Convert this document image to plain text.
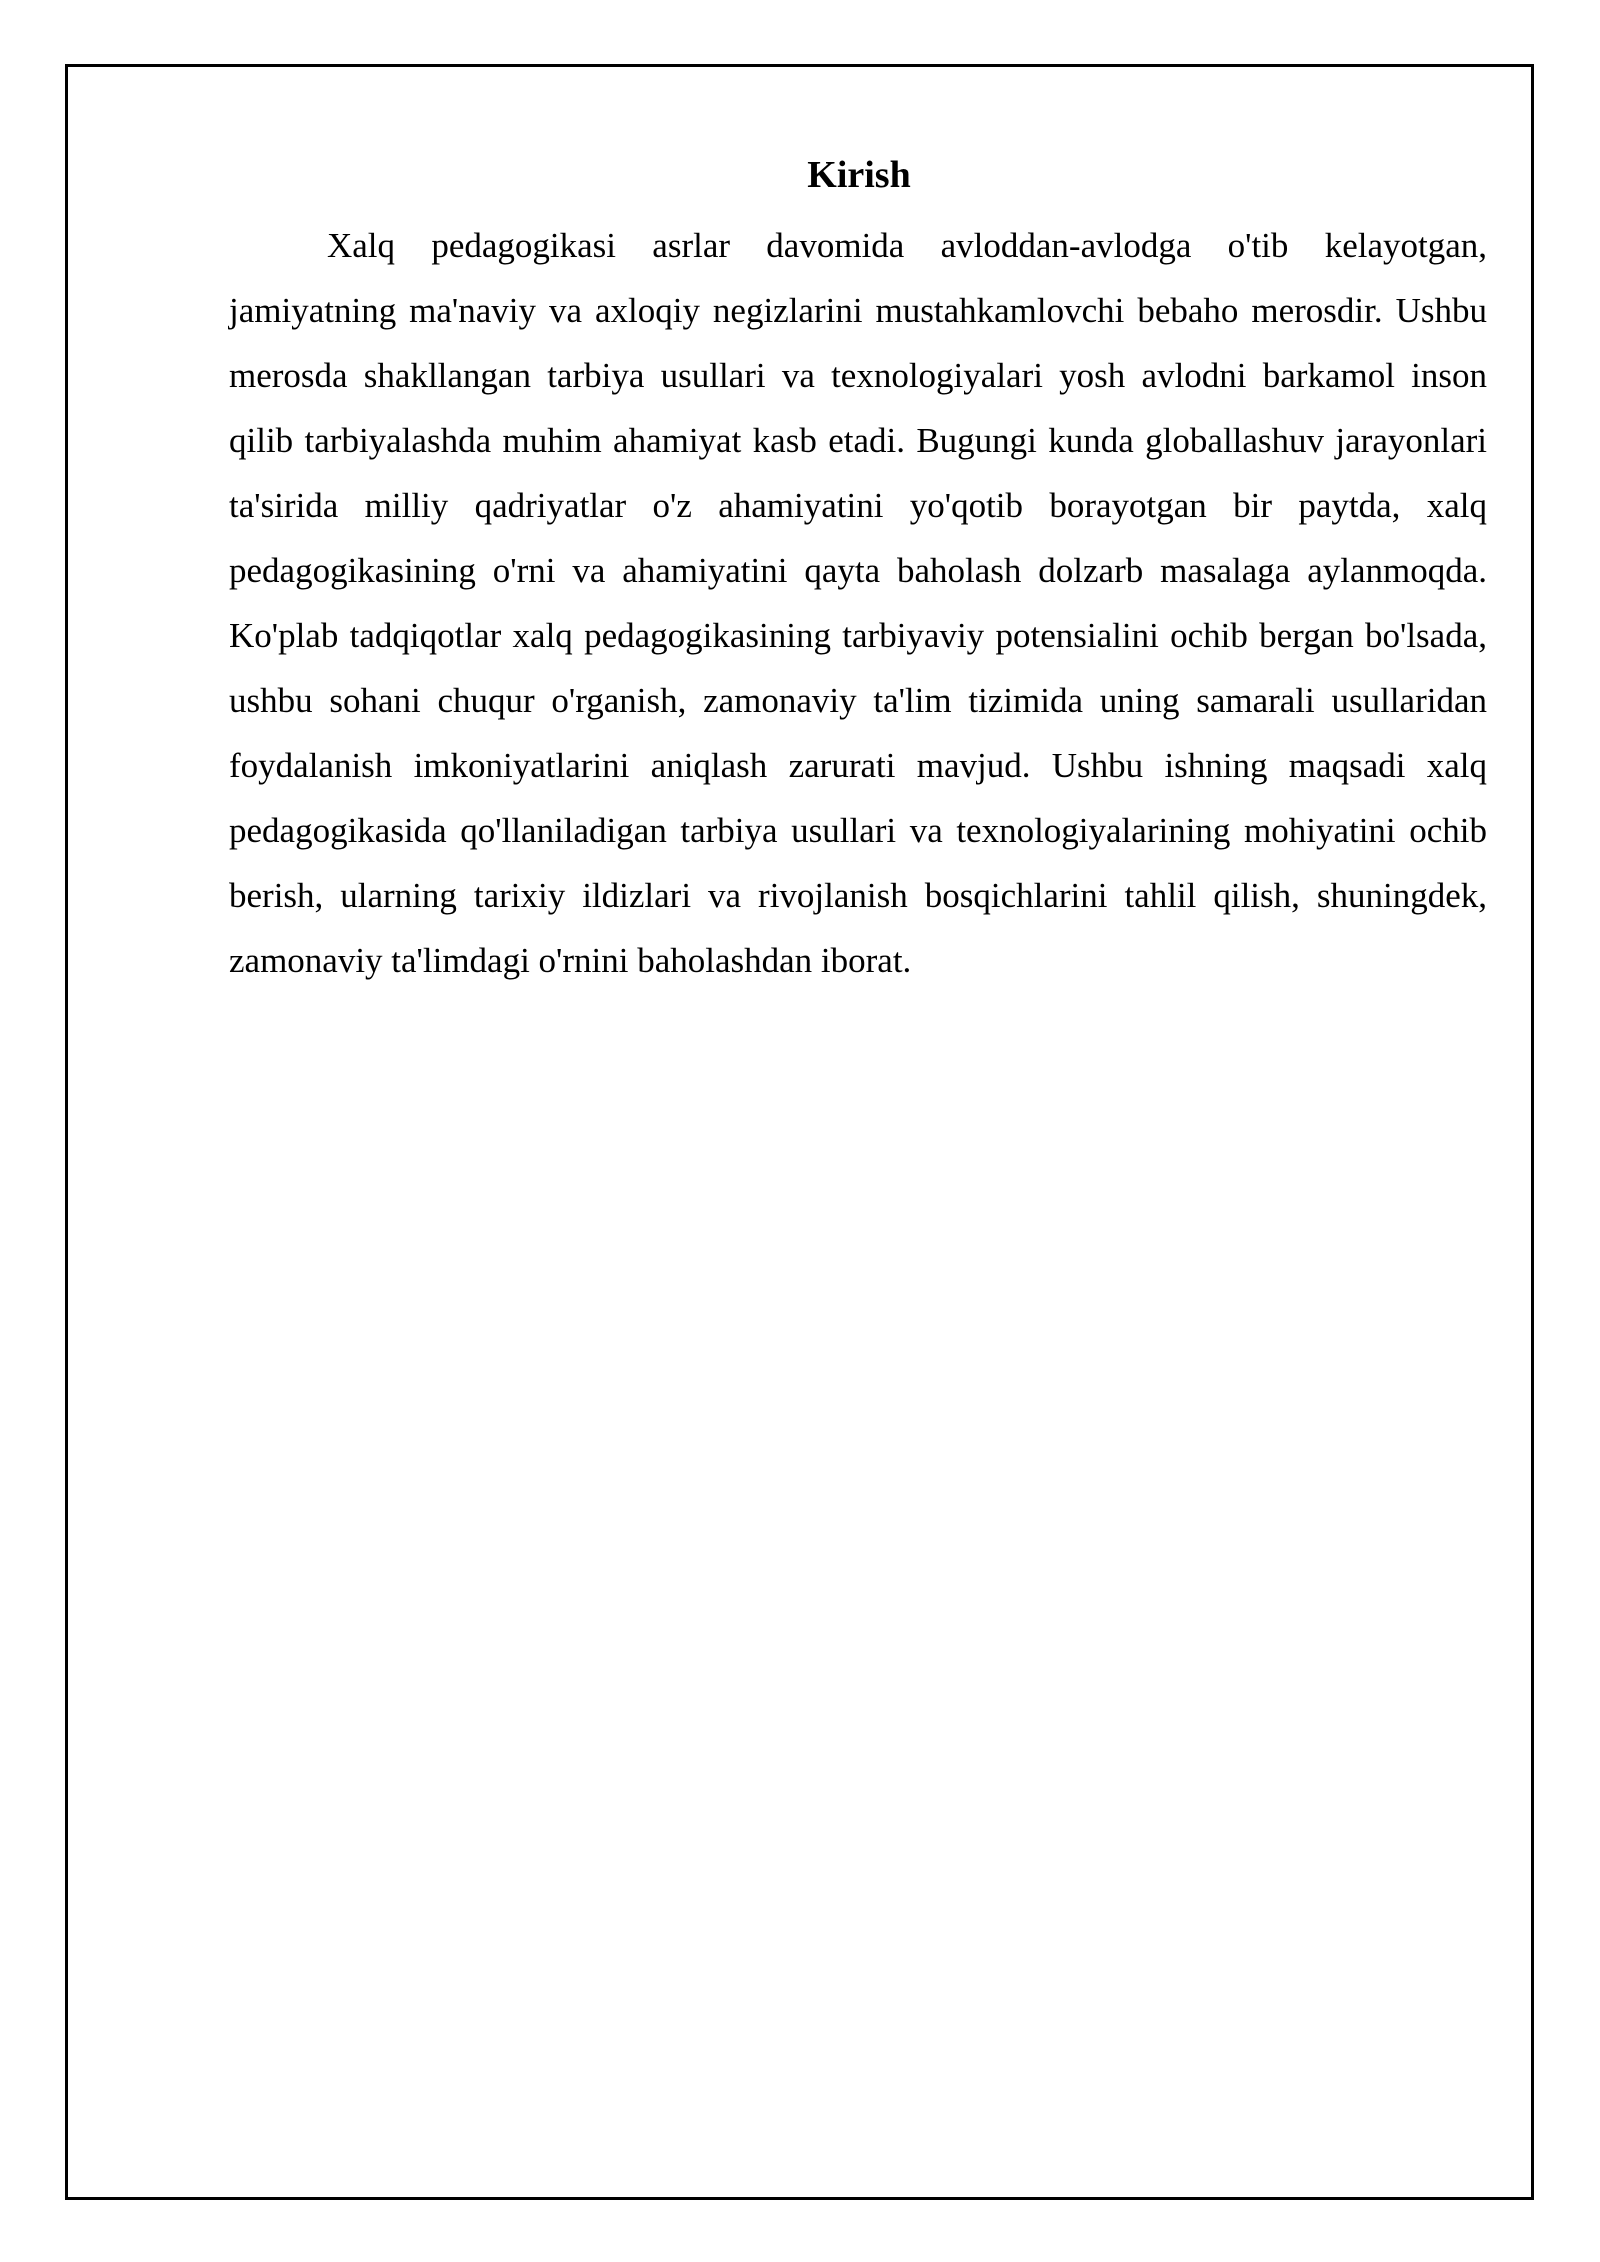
Kirish

Xalq pedagogikasi asrlar davomida avloddan-avlodga o'tib kelayotgan, jamiyatning ma'naviy va axloqiy negizlarini mustahkamlovchi bebaho merosdir. Ushbu merosda shakllangan tarbiya usullari va texnologiyalari yosh avlodni barkamol inson qilib tarbiyalashda muhim ahamiyat kasb etadi. Bugungi kunda globallashuv jarayonlari ta'sirida milliy qadriyatlar o'z ahamiyatini yo'qotib borayotgan bir paytda, xalq pedagogikasining o'rni va ahamiyatini qayta baholash dolzarb masalaga aylanmoqda. Ko'plab tadqiqotlar xalq pedagogikasining tarbiyaviy potensialini ochib bergan bo'lsada, ushbu sohani chuqur o'rganish, zamonaviy ta'lim tizimida uning samarali usullaridan foydalanish imkoniyatlarini aniqlash zarurati mavjud. Ushbu ishning maqsadi xalq pedagogikasida qo'llaniladigan tarbiya usullari va texnologiyalarining mohiyatini ochib berish, ularning tarixiy ildizlari va rivojlanish bosqichlarini tahlil qilish, shuningdek, zamonaviy ta'limdagi o'rnini baholashdan iborat.
